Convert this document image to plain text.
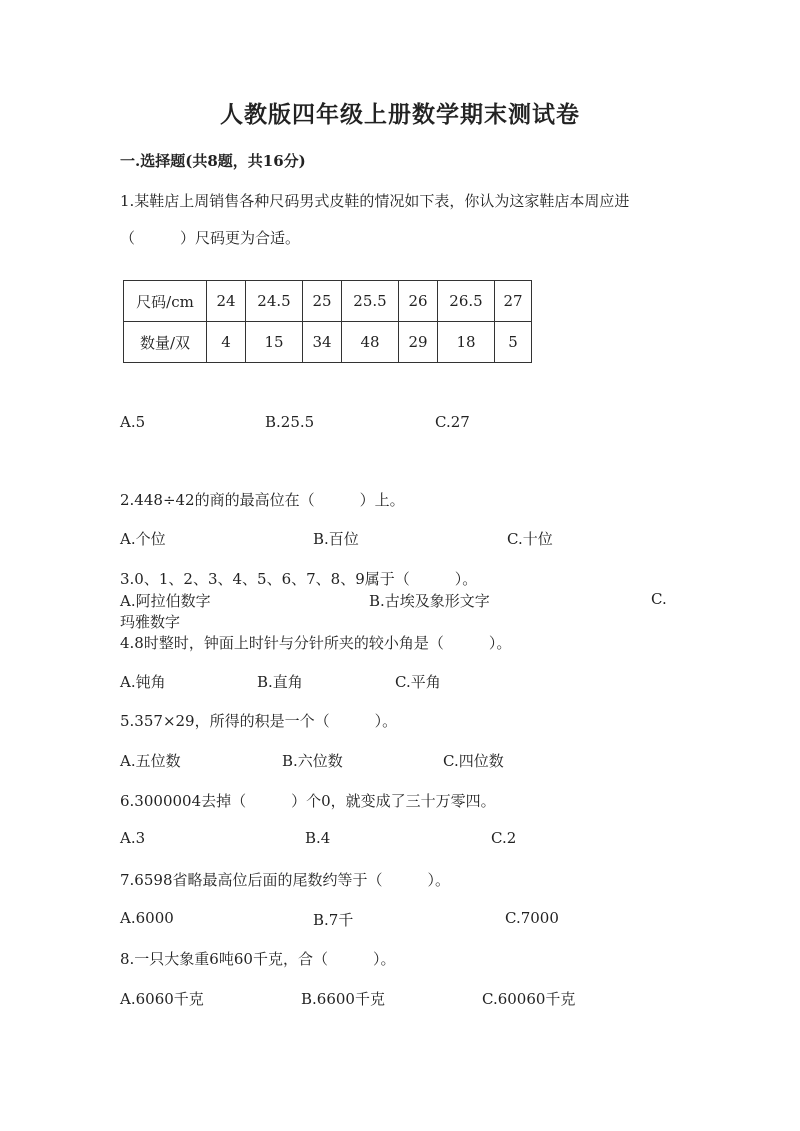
人教版四年级上册数学期末测试卷
一.选择题(共8题，共16分)
1.某鞋店上周销售各种尺码男式皮鞋的情况如下表，你认为这家鞋店本周应进
（　　　）尺码更为合适。
尺码/cm	24	24.5	25	25.5	26	26.5	27
数量/双	4	15	34	48	29	18	5
A.5	B.25.5	C.27
2.448÷42的商的最高位在（　　　）上。
A.个位	B.百位	C.十位
3.0、1、2、3、4、5、6、7、8、9属于（　　　）。
A.阿拉伯数字	B.古埃及象形文字	C.
玛雅数字
4.8时整时，钟面上时针与分针所夹的较小角是（　　　）。
A.钝角	B.直角	C.平角
5.357×29，所得的积是一个（　　　）。
A.五位数	B.六位数	C.四位数
6.3000004去掉（　　　）个0，就变成了三十万零四。
A.3	B.4	C.2
7.6598省略最高位后面的尾数约等于（　　　）。
A.6000	B.7千	C.7000
8.一只大象重6吨60千克，合（　　　）。
A.6060千克	B.6600千克	C.60060千克
